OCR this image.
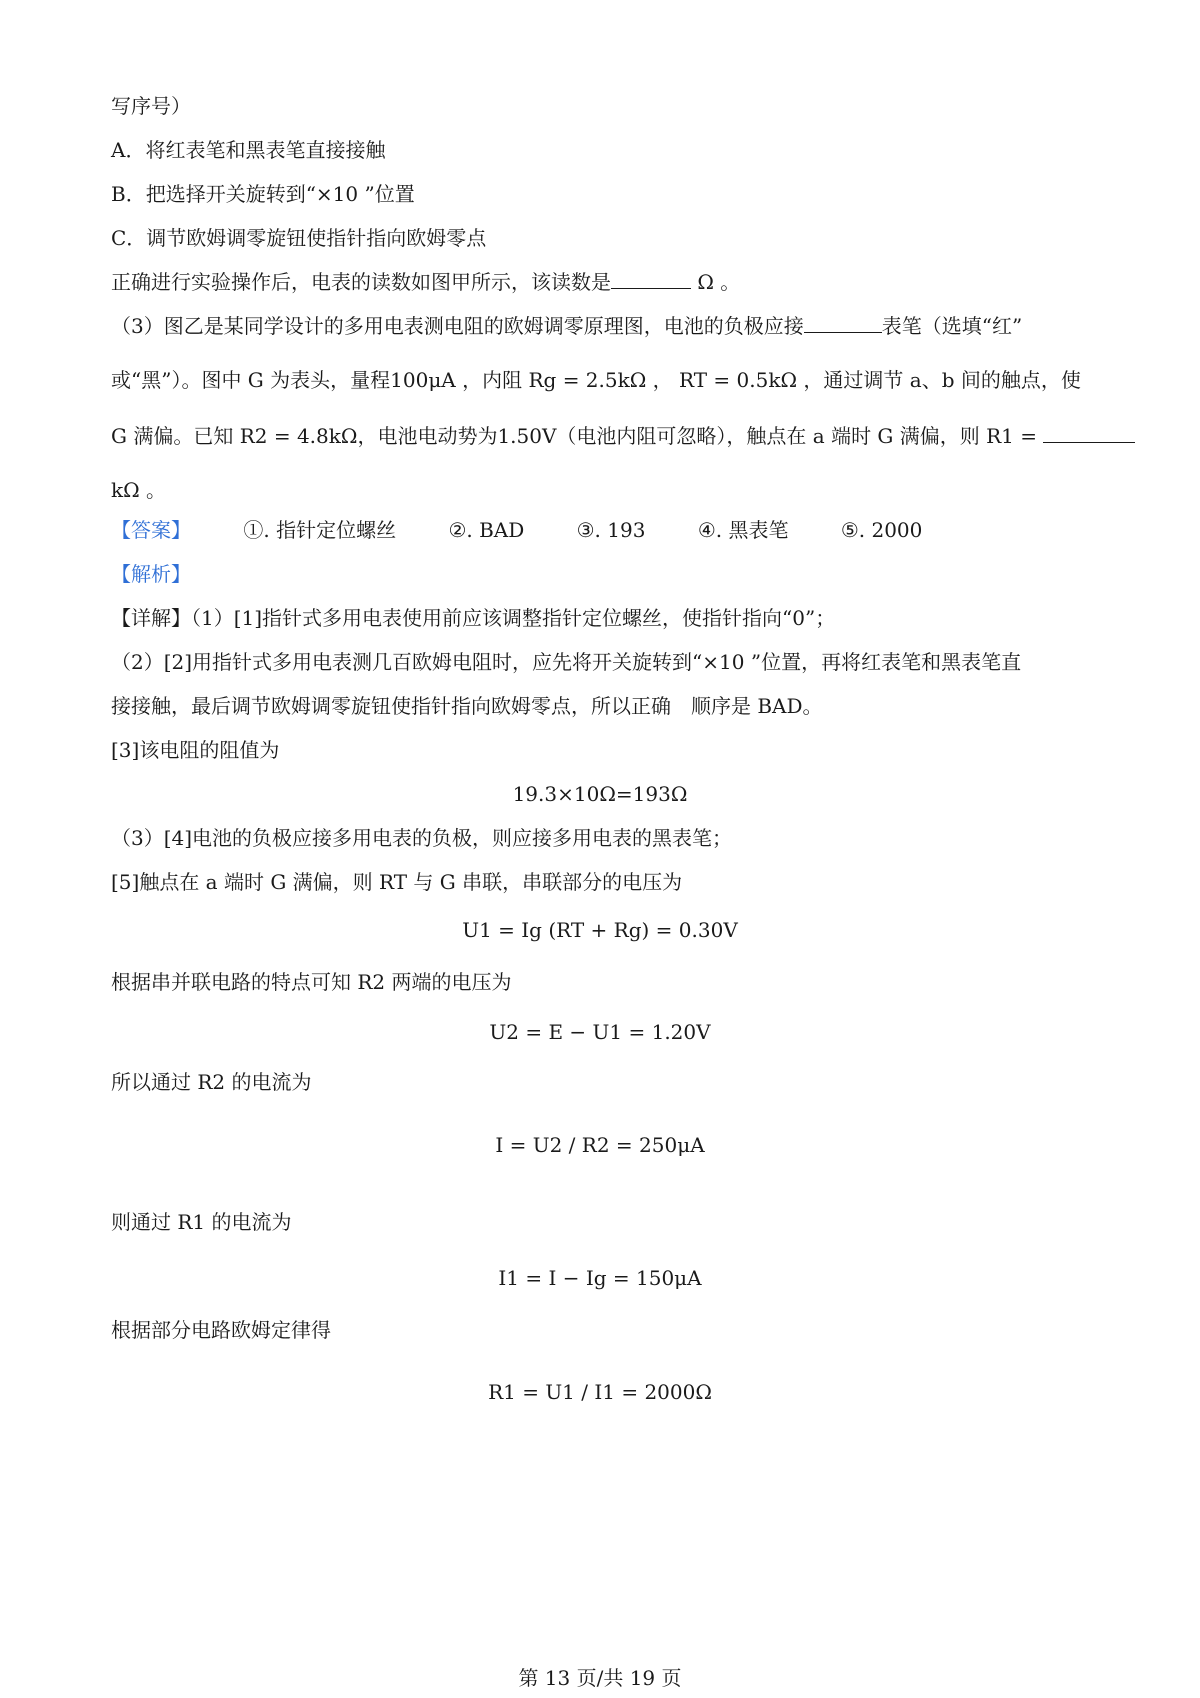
写序号）
A．将红表笔和黑表笔直接接触
B．把选择开关旋转到“×10 ”位置
C．调节欧姆调零旋钮使指针指向欧姆零点
正确进行实验操作后，电表的读数如图甲所示，该读数是	Ω 。
（3）图乙是某同学设计的多用电表测电阻的欧姆调零原理图，电池的负极应接	表笔（选填“红”
或“黑”）。图中 G 为表头，量程100μA ，内阻 Rg = 2.5kΩ ， RT = 0.5kΩ ，通过调节 a、b 间的触点，使
G 满偏。已知 R2 = 4.8kΩ，电池电动势为1.50V（电池内阻可忽略），触点在 a 端时 G 满偏，则 R1 =
kΩ 。
【答案】	①. 指针定位螺丝	②. BAD	③. 193	④. 黑表笔	⑤. 2000
【解析】
【详解】（1）[1]指针式多用电表使用前应该调整指针定位螺丝，使指针指向“0”；
（2）[2]用指针式多用电表测几百欧姆电阻时，应先将开关旋转到“×10 ”位置，再将红表笔和黑表笔直
接接触，最后调节欧姆调零旋钮使指针指向欧姆零点，所以正确　顺序是 BAD。
[3]该电阻的阻值为
19.3×10Ω=193Ω
（3）[4]电池的负极应接多用电表的负极，则应接多用电表的黑表笔；
[5]触点在 a 端时 G 满偏，则 RT 与 G 串联，串联部分的电压为
U1 = Ig (RT + Rg) = 0.30V
根据串并联电路的特点可知 R2 两端的电压为
U2 = E − U1 = 1.20V
所以通过 R2 的电流为
I = U2 / R2 = 250μA
则通过 R1 的电流为
I1 = I − Ig = 150μA
根据部分电路欧姆定律得
R1 = U1 / I1 = 2000Ω
第 13 页/共 19 页
